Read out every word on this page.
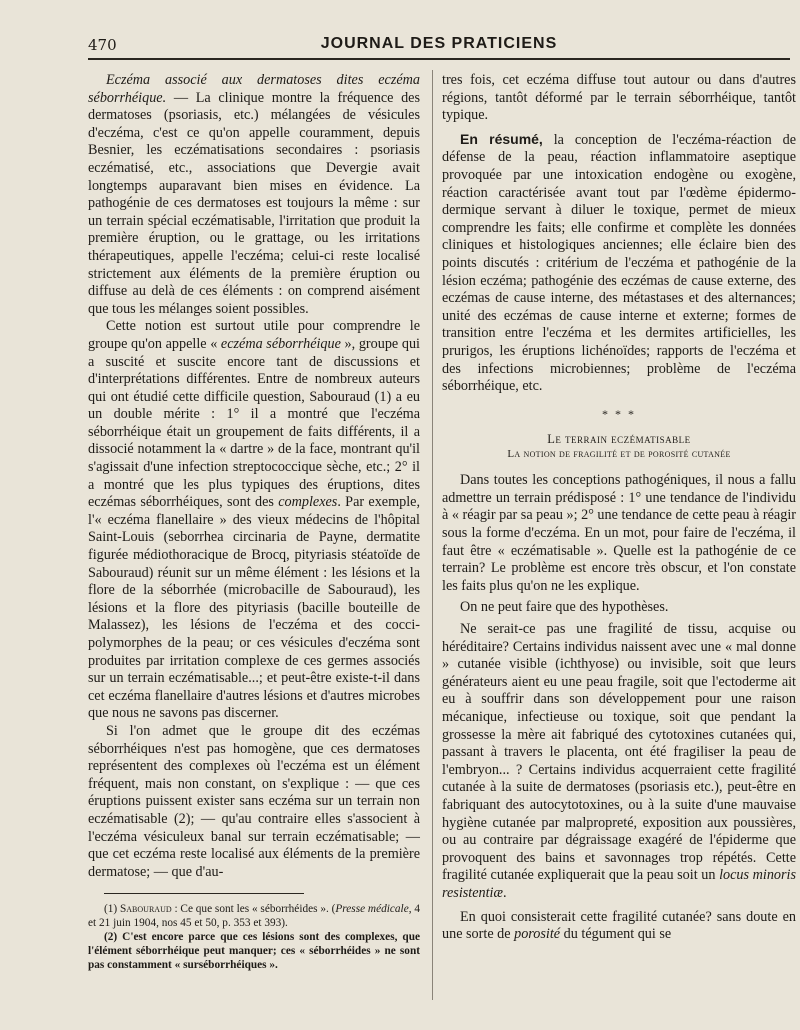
470	JOURNAL DES PRATICIENS

Eczéma associé aux dermatoses dites eczéma séborrhéique. — La clinique montre la fréquence des dermatoses (psoriasis, etc.) mélangées de vésicules d'eczéma, c'est ce qu'on appelle couramment, depuis Besnier, les eczématisations secondaires : psoriasis eczématisé, etc., associations que Devergie avait longtemps auparavant bien mises en évidence. La pathogénie de ces dermatoses est toujours la même : sur un terrain spécial eczématisable, l'irritation que produit la première éruption, ou le grattage, ou les irritations thérapeutiques, appelle l'eczéma; celui-ci reste localisé strictement aux éléments de la première éruption ou diffuse au delà de ces éléments : on comprend aisément que tous les mélanges soient possibles.

Cette notion est surtout utile pour comprendre le groupe qu'on appelle « eczéma séborrhéique », groupe qui a suscité et suscite encore tant de discussions et d'interprétations différentes. Entre de nombreux auteurs qui ont étudié cette difficile question, Sabouraud (1) a eu un double mérite : 1° il a montré que l'eczéma séborrhéique était un groupement de faits différents, il a dissocié notamment la « dartre » de la face, montrant qu'il s'agissait d'une infection streptococcique sèche, etc.; 2° il a montré que les plus typiques des éruptions, dites eczémas séborrhéiques, sont des complexes. Par exemple, l'« eczéma flanellaire » des vieux médecins de l'hôpital Saint-Louis (seborrhea circinaria de Payne, dermatite figurée médiothoracique de Brocq, pityriasis stéatoïde de Sabouraud) réunit sur un même élément : les lésions et la flore de la séborrhée (microbacille de Sabouraud), les lésions et la flore des pityriasis (bacille bouteille de Malassez), les lésions de l'eczéma et des cocci-polymorphes de la peau; or ces vésicules d'eczéma sont produites par irritation complexe de ces germes associés sur un terrain eczématisable...; et peut-être existe-t-il dans cet eczéma flanellaire d'autres lésions et d'autres microbes que nous ne savons pas discerner.

Si l'on admet que le groupe dit des eczémas séborrhéiques n'est pas homogène, que ces dermatoses représentent des complexes où l'eczéma est un élément fréquent, mais non constant, on s'explique : — que ces éruptions puissent exister sans eczéma sur un terrain non eczématisable (2); — qu'au contraire elles s'associent à l'eczéma vésiculeux banal sur terrain eczématisable; — que cet eczéma reste localisé aux éléments de la première dermatose; — que d'au-

(1) Sabouraud : Ce que sont les « séborrhéides ». (Presse médicale, 4 et 21 juin 1904, nos 45 et 50, p. 353 et 393).

(2) C'est encore parce que ces lésions sont des complexes, que l'élément séborrhéique peut manquer; ces « séborrhéides » ne sont pas constamment « surséborrhéiques ».

tres fois, cet eczéma diffuse tout autour ou dans d'autres régions, tantôt déformé par le terrain séborrhéique, tantôt typique.

En résumé, la conception de l'eczéma-réaction de défense de la peau, réaction inflammatoire aseptique provoquée par une intoxication endogène ou exogène, réaction caractérisée avant tout par l'œdème épidermo-dermique servant à diluer le toxique, permet de mieux comprendre les faits; elle confirme et complète les données cliniques et histologiques anciennes; elle éclaire bien des points discutés : critérium de l'eczéma et pathogénie de la lésion eczéma; pathogénie des eczémas de cause externe, des eczémas de cause interne, des métastases et des alternances; unité des eczémas de cause interne et externe; formes de transition entre l'eczéma et les dermites artificielles, les prurigos, les éruptions lichénoïdes; rapports de l'eczéma et des infections microbiennes; problème de l'eczéma séborrhéique, etc.

* * *
Le terrain eczématisable
La notion de fragilité et de porosité cutanée

Dans toutes les conceptions pathogéniques, il nous a fallu admettre un terrain prédisposé : 1° une tendance de l'individu à « réagir par sa peau »; 2° une tendance de cette peau à réagir sous la forme d'eczéma. En un mot, pour faire de l'eczéma, il faut être « eczématisable ». Quelle est la pathogénie de ce terrain? Le problème est encore très obscur, et l'on constate les faits plus qu'on ne les explique.

On ne peut faire que des hypothèses.

Ne serait-ce pas une fragilité de tissu, acquise ou héréditaire? Certains individus naissent avec une « mal donne » cutanée visible (ichthyose) ou invisible, soit que leurs générateurs aient eu une peau fragile, soit que l'ectoderme ait eu à souffrir dans son développement pour une raison mécanique, infectieuse ou toxique, soit que pendant la grossesse la mère ait fabriqué des cytotoxines cutanées qui, passant à travers le placenta, ont été fragiliser la peau de l'embryon... ? Certains individus acquerraient cette fragilité cutanée à la suite de dermatoses (psoriasis etc.), peut-être en fabriquant des autocytotoxines, ou à la suite d'une mauvaise hygiène cutanée par malpropreté, exposition aux poussières, ou au contraire par dégraissage exagéré de l'épiderme que provoquent des bains et savonnages trop répétés. Cette fragilité cutanée expliquerait que la peau soit un locus minoris resistentiæ.

En quoi consisterait cette fragilité cutanée? sans doute en une sorte de porosité du tégument qui se
